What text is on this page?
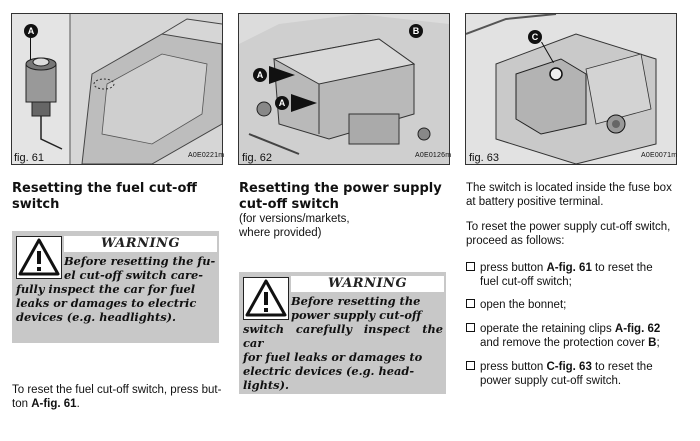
A
fig. 61	A0E0221m
B
A
A
fig. 62	A0E0126m
C
fig. 63	A0E0071m
Resetting the fuel cut-off
switch
WARNING
Before resetting the fu-
el cut-off switch care-
fully inspect the car for fuel
leaks or damages to electric
devices (e.g. headlights).
To reset the fuel cut-off switch, press but-
ton A-fig. 61.
Resetting the power supply
cut-off switch
(for versions/markets,
where provided)
WARNING
Before resetting the
power supply cut-off
switch carefully inspect the car
for fuel leaks or damages to
electric devices (e.g. head-
lights).
The switch is located inside the fuse box
at battery positive terminal.
To reset the power supply cut-off switch,
proceed as follows:
press button A-fig. 61 to reset the
fuel cut-off switch;
open the bonnet;
operate the retaining clips A-fig. 62
and remove the protection cover B;
press button C-fig. 63 to reset the
power supply cut-off switch.
